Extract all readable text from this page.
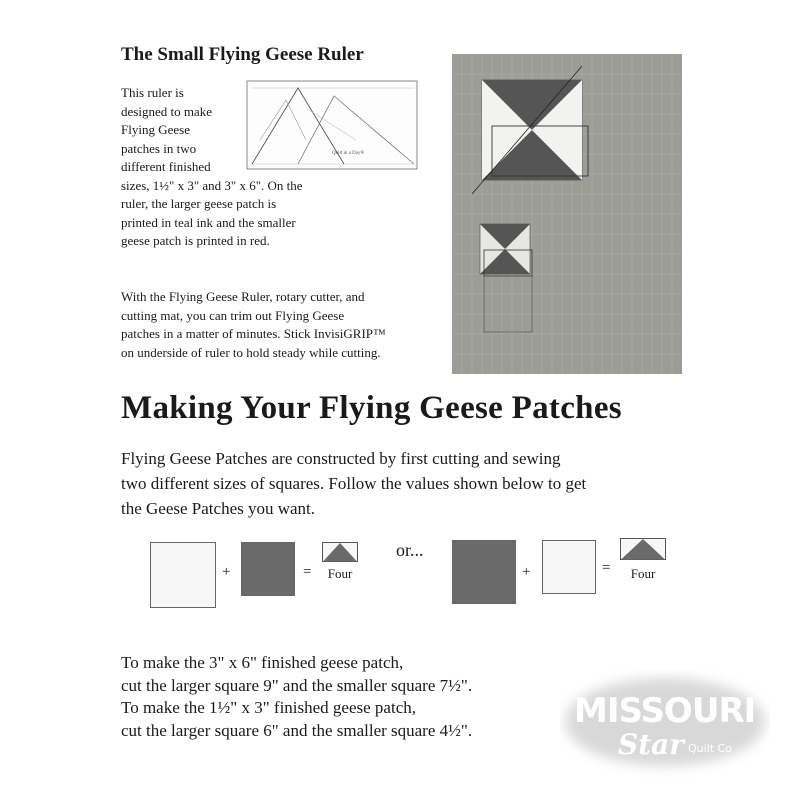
The Small Flying Geese Ruler
This ruler is
designed to make
Flying Geese
patches in two
different finished
sizes, 1½" x 3" and 3" x 6". On the
ruler, the larger geese patch is
printed in teal ink and the smaller
geese patch is printed in red.
Quilt in a Day®
With the Flying Geese Ruler, rotary cutter, and
cutting mat, you can trim out Flying Geese
patches in a matter of minutes. Stick InvisiGRIP™
on underside of ruler to hold steady while cutting.
Making Your Flying Geese Patches
Flying Geese Patches are constructed by first cutting and sewing
two different sizes of squares. Follow the values shown below to get
the Geese Patches you want.
+	=	Four
or...
+	=	Four
To make the 3" x 6" finished geese patch,
cut the larger square 9" and the smaller square 7½".
To make the 1½" x 3" finished geese patch,
cut the larger square 6" and the smaller square 4½".	MISSOURI
Star Quilt Co
